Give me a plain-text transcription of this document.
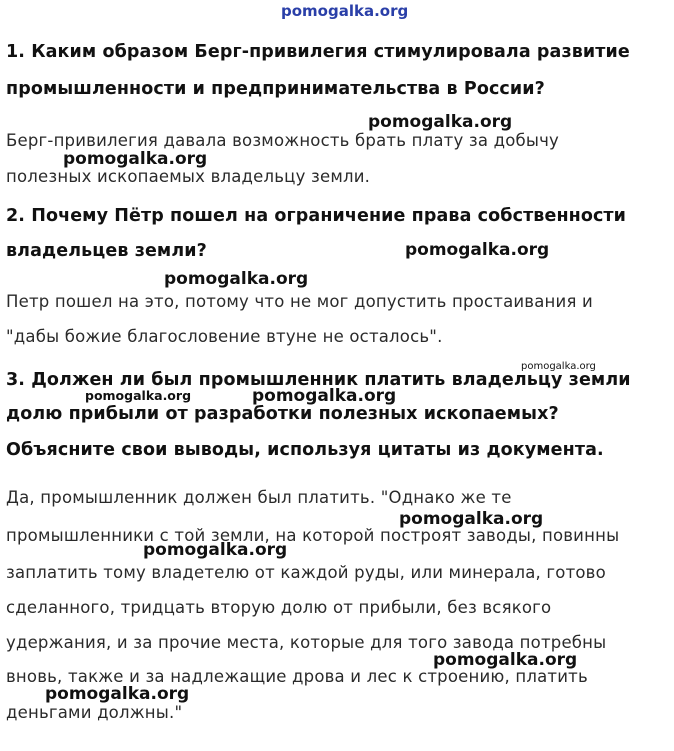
pomogalka.org
1. Каким образом Берг-привилегия стимулировала развитие
промышленности и предпринимательства в России?
Берг-привилегия давала возможность брать плату за добычу
полезных ископаемых владельцу земли.
2. Почему Пётр пошел на ограничение права собственности
владельцев земли?
Петр пошел на это, потому что не мог допустить простаивания и
"дабы божие благословение втуне не осталось".
3. Должен ли был промышленник платить владельцу земли
долю прибыли от разработки полезных ископаемых?
Объясните свои выводы, используя цитаты из документа.
Да, промышленник должен был платить. "Однако же те
промышленники с той земли, на которой построят заводы, повинны
заплатить тому владетелю от каждой руды, или минерала, готово
сделанного, тридцать вторую долю от прибыли, без всякого
удержания, и за прочие места, которые для того завода потребны
вновь, также и за надлежащие дрова и лес к строению, платить
деньгами должны."
pomogalka.org
pomogalka.org
pomogalka.org
pomogalka.org
pomogalka.org
pomogalka.org	pomogalka.org
pomogalka.org
pomogalka.org
pomogalka.org
pomogalka.org
